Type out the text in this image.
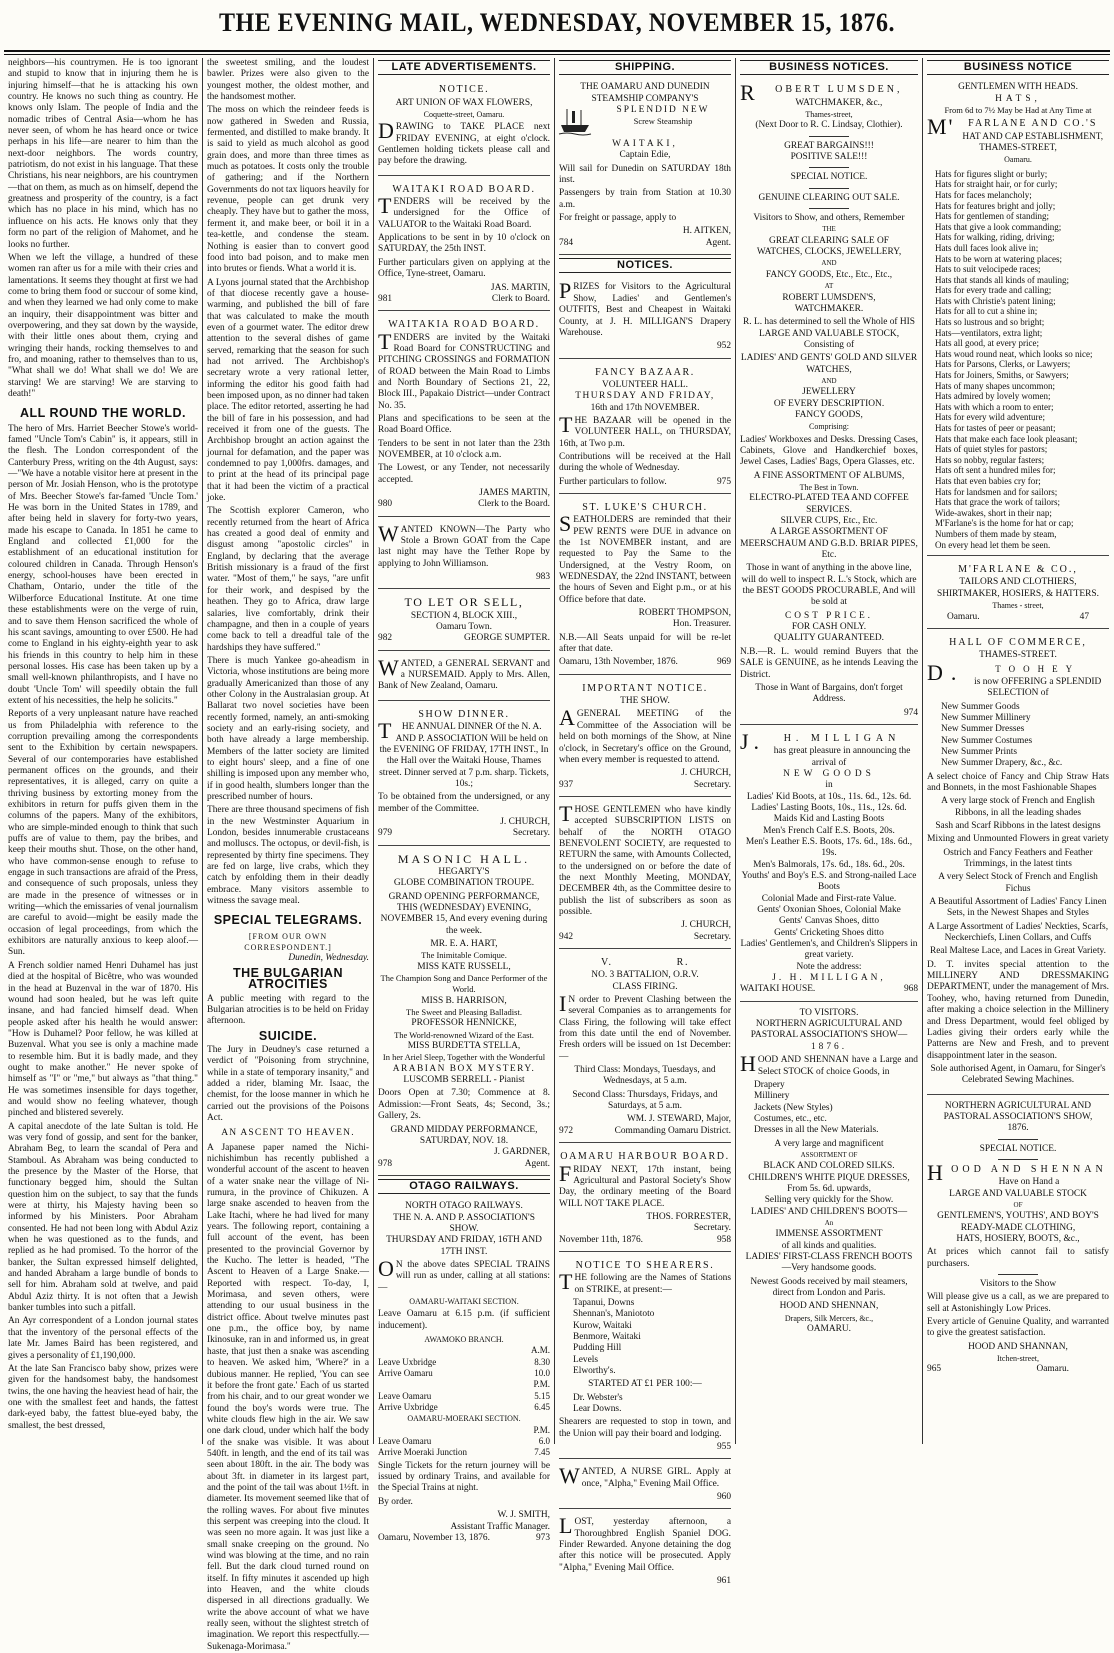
THE EVENING MAIL, WEDNESDAY, NOVEMBER 15, 1876.

neighbors—his countrymen. He is too ignorant and stupid to know that in injuring them he is injuring himself—that he is attacking his own country. He knows no such thing as country. He knows only Islam. The people of India and the nomadic tribes of Central Asia—whom he has never seen, of whom he has heard once or twice perhaps in his life—are nearer to him than the next-door neighbors. The words country, patriotism, do not exist in his language. That these Christians, his near neighbors, are his countrymen—that on them, as much as on himself, depend the greatness and prosperity of the country, is a fact which has no place in his mind, which has no influence on his acts. He knows only that they form no part of the religion of Mahomet, and he looks no further.

When we left the village, a hundred of these women ran after us for a mile with their cries and lamentations. It seems they thought at first we had come to bring them food or succour of some kind, and when they learned we had only come to make an inquiry, their disappointment was bitter and overpowering, and they sat down by the wayside, with their little ones about them, crying and wringing their hands, rocking themselves to and fro, and moaning, rather to themselves than to us, "What shall we do! What shall we do! We are starving! We are starving! We are starving to death!"

ALL ROUND THE WORLD.

The hero of Mrs. Harriet Beecher Stowe's world-famed "Uncle Tom's Cabin" is, it appears, still in the flesh. The London correspondent of the Canterbury Press, writing on the 4th August, says:—"We have a notable visitor here at present in the person of Mr. Josiah Henson, who is the prototype of Mrs. Beecher Stowe's far-famed 'Uncle Tom.' He was born in the United States in 1789, and after being held in slavery for forty-two years, made his escape to Canada. In 1851 he came to England and collected £1,000 for the establishment of an educational institution for coloured children in Canada. Through Henson's energy, school-houses have been erected in Chatham, Ontario, under the title of the Wilberforce Educational Institute. At one time these establishments were on the verge of ruin, and to save them Henson sacrificed the whole of his scant savings, amounting to over £500. He had come to England in his eighty-eighth year to ask his friends in this country to help him in these personal losses. His case has been taken up by a small well-known philanthropists, and I have no doubt 'Uncle Tom' will speedily obtain the full extent of his necessities, the help he solicits."

Reports of a very unpleasant nature have reached us from Philadelphia with reference to the corruption prevailing among the correspondents sent to the Exhibition by certain newspapers. Several of our contemporaries have established permanent offices on the grounds, and their representatives, it is alleged, carry on quite a thriving business by extorting money from the exhibitors in return for puffs given them in the columns of the papers. Many of the exhibitors, who are simple-minded enough to think that such puffs are of value to them, pay the bribes, and keep their mouths shut. Those, on the other hand, who have common-sense enough to refuse to engage in such transactions are afraid of the Press, and consequence of such proposals, unless they are made in the presence of witnesses or in writing—which the emissaries of venal journalism are careful to avoid—might be easily made the occasion of legal proceedings, from which the exhibitors are naturally anxious to keep aloof.—Sun.

A French soldier named Henri Duhamel has just died at the hospital of Bicêtre, who was wounded in the head at Buzenval in the war of 1870. His wound had soon healed, but he was left quite insane, and had fancied himself dead. When people asked after his health he would answer: "How is Duhamel? Poor fellow, he was killed at Buzenval. What you see is only a machine made to resemble him. But it is badly made, and they ought to make another." He never spoke of himself as "I" or "me," but always as "that thing." He was sometimes insensible for days together, and would show no feeling whatever, though pinched and blistered severely.

A capital anecdote of the late Sultan is told. He was very fond of gossip, and sent for the banker, Abraham Beg, to learn the scandal of Pera and Stamboul. As Abraham was being conducted to the presence by the Master of the Horse, that functionary begged him, should the Sultan question him on the subject, to say that the funds were at thirty, his Majesty having been so informed by his Ministers. Poor Abraham consented. He had not been long with Abdul Aziz when he was questioned as to the funds, and replied as he had promised. To the horror of the banker, the Sultan expressed himself delighted, and handed Abraham a large bundle of bonds to sell for him. Abraham sold at twelve, and paid Abdul Aziz thirty. It is not often that a Jewish banker tumbles into such a pitfall.

An Ayr correspondent of a London journal states that the inventory of the personal effects of the late Mr. James Baird has been registered, and gives a personality of £1,190,000.

At the late San Francisco baby show, prizes were given for the handsomest baby, the handsomest twins, the one having the heaviest head of hair, the one with the smallest feet and hands, the fattest dark-eyed baby, the fattest blue-eyed baby, the smallest, the best dressed,

the sweetest smiling, and the loudest bawler. Prizes were also given to the youngest mother, the oldest mother, and the handsomest mother.

The moss on which the reindeer feeds is now gathered in Sweden and Russia, fermented, and distilled to make brandy. It is said to yield as much alcohol as good grain does, and more than three times as much as potatoes. It costs only the trouble of gathering; and if the Northern Governments do not tax liquors heavily for revenue, people can get drunk very cheaply. They have but to gather the moss, ferment it, and make beer, or boil it in a tea-kettle, and condense the steam. Nothing is easier than to convert good food into bad poison, and to make men into brutes or fiends. What a world it is.

A Lyons journal stated that the Archbishop of that diocese recently gave a house-warming, and published the bill of fare that was calculated to make the mouth even of a gourmet water. The editor drew attention to the several dishes of game served, remarking that the season for such had not arrived. The Archbishop's secretary wrote a very rational letter, informing the editor his good faith had been imposed upon, as no dinner had taken place. The editor retorted, asserting he had the bill of fare in his possession, and had received it from one of the guests. The Archbishop brought an action against the journal for defamation, and the paper was condemned to pay 1,000frs. damages, and to print at the head of its principal page that it had been the victim of a practical joke.

The Scottish explorer Cameron, who recently returned from the heart of Africa has created a good deal of enmity and disgust among "apostolic circles" in England, by declaring that the average British missionary is a fraud of the first water. "Most of them," he says, "are unfit for their work, and despised by the heathen. They go to Africa, draw large salaries, live comfortably, drink their champagne, and then in a couple of years come back to tell a dreadful tale of the hardships they have suffered."

There is much Yankee go-aheadism in Victoria, whose institutions are being more gradually Americanized than those of any other Colony in the Australasian group. At Ballarat two novel societies have been recently formed, namely, an anti-smoking society and an early-rising society, and both have already a large membership. Members of the latter society are limited to eight hours' sleep, and a fine of one shilling is imposed upon any member who, if in good health, slumbers longer than the prescribed number of hours.

There are three thousand specimens of fish in the new Westminster Aquarium in London, besides innumerable crustaceans and molluscs. The octopus, or devil-fish, is represented by thirty fine specimens. They are fed on large, live crabs, which they catch by enfolding them in their deadly embrace. Many visitors assemble to witness the savage meal.

SPECIAL TELEGRAMS.
[FROM OUR OWN CORRESPONDENT.]
Dunedin, Wednesday.
THE BULGARIAN ATROCITIES

A public meeting with regard to the Bulgarian atrocities is to be held on Friday afternoon.

SUICIDE.

The Jury in Deudney's case returned a verdict of "Poisoning from strychnine, while in a state of temporary insanity," and added a rider, blaming Mr. Isaac, the chemist, for the loose manner in which he carried out the provisions of the Poisons Act.

AN ASCENT TO HEAVEN.

A Japanese paper named the Nichi-nichishimbun has recently published a wonderful account of the ascent to heaven of a water snake near the village of Ni-rumura, in the province of Chikuzen. A large snake ascended to heaven from the Lake Itachi, where he had lived for many years. The following report, containing a full account of the event, has been presented to the provincial Governor by the Kucho. The letter is headed, "The Ascent to Heaven of a Large Snake.—Reported with respect. To-day, I, Morimasa, and seven others, were attending to our usual business in the district office. About twelve minutes past one p.m., the office boy, by name Ikinosuke, ran in and informed us, in great haste, that just then a snake was ascending to heaven. We asked him, 'Where?' in a dubious manner. He replied, 'You can see it before the front gate.' Each of us started from his chair, and to our great wonder we found the boy's words were true. The white clouds flew high in the air. We saw one dark cloud, under which half the body of the snake was visible. It was about 540ft. in length, and the end of its tail was seen about 180ft. in the air. The body was about 3ft. in diameter in its largest part, and the point of the tail was about 1½ft. in diameter. Its movement seemed like that of the rolling waves. For about five minutes this serpent was creeping into the cloud. It was seen no more again. It was just like a small snake creeping on the ground. No wind was blowing at the time, and no rain fell. But the dark cloud turned round on itself. In fifty minutes it ascended up high into Heaven, and the white clouds dispersed in all directions gradually. We write the above account of what we have really seen, without the slightest stretch of imagination. We report this respectfully.—Sukenaga-Morimasa."

LATE ADVERTISEMENTS.
NOTICE.
ART UNION OF WAX FLOWERS,
Coquette-street, Oamaru.

DRAWING to TAKE PLACE next FRIDAY EVENING, at eight o'clock. Gentlemen holding tickets please call and pay before the drawing.

WAITAKI ROAD BOARD.

TENDERS will be received by the undersigned for the Office of VALUATOR to the Waitaki Road Board.

Applications to be sent in by 10 o'clock on SATURDAY, the 25th INST.

Further particulars given on applying at the Office, Tyne-street, Oamaru.

JAS. MARTIN,

981	Clerk to Board.

WAITAKIA ROAD BOARD.

TENDERS are invited by the Waitaki Road Board for CONSTRUCTING and PITCHING CROSSINGS and FORMATION of ROAD between the Main Road to Limbs and North Boundary of Sections 21, 22, Block III., Papakaio District—under Contract No. 35.

Plans and specifications to be seen at the Road Board Office.

Tenders to be sent in not later than the 23th NOVEMBER, at 10 o'clock a.m.

The Lowest, or any Tender, not necessarily accepted.

JAMES MARTIN,

980	Clerk to the Board.

WANTED KNOWN—The Party who Stole a Brown GOAT from the Cape last night may have the Tether Rope by applying to John Williamson.

983

TO LET OR SELL,
SECTION 4, BLOCK XIII.,
Oamaru Town.

982	GEORGE SUMPTER.

WANTED, a GENERAL SERVANT and a NURSEMAID. Apply to Mrs. Allen, Bank of New Zealand, Oamaru.

SHOW DINNER.

THE ANNUAL DINNER Of the N. A. AND P. ASSOCIATION Will be held on the EVENING OF FRIDAY, 17TH INST., In the Hall over the Waitaki House, Thames street. Dinner served at 7 p.m. sharp. Tickets, 10s.;

To be obtained from the undersigned, or any member of the Committee.

J. CHURCH,

979	Secretary.

MASONIC HALL.
HEGARTY'S
GLOBE COMBINATION TROUPE.

GRAND OPENING PERFORMANCE, THIS (WEDNESDAY) EVENING, NOVEMBER 15, And every evening during the week.

MR. E. A. HART,
The Inimitable Comique.
MISS KATE RUSSELL,
The Champion Song and Dance Performer of the World.
MISS B. HARRISON,
The Sweet and Pleasing Balladist.
PROFESSOR HENNICKE,
The World-renowned Wizard of the East.
MISS BURDETTA STELLA,
In her Ariel Sleep, Together with the Wonderful
ARABIAN BOX MYSTERY.
LUSCOMB SERRELL - Pianist

Doors Open at 7.30; Commence at 8. Admission:—Front Seats, 4s; Second, 3s.; Gallery, 2s.

GRAND MIDDAY PERFORMANCE, SATURDAY, NOV. 18.

J. GARDNER,

978	Agent.

OTAGO RAILWAYS.
NORTH OTAGO RAILWAYS.
THE N. A. AND P. ASSOCIATION'S SHOW.
THURSDAY AND FRIDAY, 16TH AND 17TH INST.

ON the above dates SPECIAL TRAINS will run as under, calling at all stations:—

OAMARU-WAITAKI SECTION.

Leave Oamaru at 6.15 p.m. (if sufficient inducement).

AWAMOKO BRANCH.
	A.M.
Leave Uxbridge	8.30
Arrive Oamaru	10.0
	P.M.
Leave Oamaru	5.15
Arrive Uxbridge	6.45
OAMARU-MOERAKI SECTION.
	P.M.
Leave Oamaru	6.0
Arrive Moeraki Junction	7.45

Single Tickets for the return journey will be issued by ordinary Trains, and available for the Special Trains at night.

By order.

W. J. SMITH,

Assistant Traffic Manager.

Oamaru, November 13, 1876.	973

SHIPPING.
THE OAMARU AND DUNEDIN STEAMSHIP COMPANY'S
SPLENDID NEW
Screw Steamship
WAITAKI,
Captain Edie,

Will sail for Dunedin on SATURDAY 18th inst.

Passengers by train from Station at 10.30 a.m.

For freight or passage, apply to

H. AITKEN,

784	Agent.

NOTICES.

PRIZES for Visitors to the Agricultural Show, Ladies' and Gentlemen's OUTFITS, Best and Cheapest in Waitaki County, at J. H. MILLIGAN'S Drapery Warehouse.

952

FANCY BAZAAR.
VOLUNTEER HALL.
THURSDAY AND FRIDAY,
16th and 17th NOVEMBER.

THE BAZAAR will be opened in the VOLUNTEER HALL, on THURSDAY, 16th, at Two p.m.

Contributions will be received at the Hall during the whole of Wednesday.

Further particulars to follow.	975

ST. LUKE'S CHURCH.

SEATHOLDERS are reminded that their PEW RENTS were DUE in advance on the 1st NOVEMBER instant, and are requested to Pay the Same to the Undersigned, at the Vestry Room, on WEDNESDAY, the 22nd INSTANT, between the hours of Seven and Eight p.m., or at his Office before that date.

ROBERT THOMPSON,

Hon. Treasurer.

N.B.—All Seats unpaid for will be re-let after that date.

Oamaru, 13th November, 1876.	969

IMPORTANT NOTICE.
THE SHOW.

AGENERAL MEETING of the Committee of the Association will be held on both mornings of the Show, at Nine o'clock, in Secretary's office on the Ground, when every member is requested to attend.

J. CHURCH,

937	Secretary.

THOSE GENTLEMEN who have kindly accepted SUBSCRIPTION LISTS on behalf of the NORTH OTAGO BENEVOLENT SOCIETY, are requested to RETURN the same, with Amounts Collected, to the undersigned on or before the date of the next Monthly Meeting, MONDAY, DECEMBER 4th, as the Committee desire to publish the list of subscribers as soon as possible.

J. CHURCH,

942	Secretary.

V. R.
NO. 3 BATTALION, O.R.V.
CLASS FIRING.

IN order to Prevent Clashing between the several Companies as to arrangements for Class Firing, the following will take effect from this date until the end of November. Fresh orders will be issued on 1st December:—

Third Class: Mondays, Tuesdays, and Wednesdays, at 5 a.m.

Second Class: Thursdays, Fridays, and Saturdays, at 5 a.m.

WM. J. STEWARD, Major,

972	Commanding Oamaru District.

OAMARU HARBOUR BOARD.

FRIDAY NEXT, 17th instant, being Agricultural and Pastoral Society's Show Day, the ordinary meeting of the Board WILL NOT TAKE PLACE.

THOS. FORRESTER,

Secretary.

November 11th, 1876.	958

NOTICE TO SHEARERS.

THE following are the Names of Stations on STRIKE, at present:—

Tapanui, Downs
Shennan's, Maniototo
Kurow, Waitaki
Benmore, Waitaki
Pudding Hill
Levels
Elworthy's.
STARTED AT £1 PER 100:—
Dr. Webster's
Lear Downs.

Shearers are requested to stop in town, and the Union will pay their board and lodging.

955

WANTED, A NURSE GIRL. Apply at once, "Alpha," Evening Mail Office.

960

LOST, yesterday afternoon, a Thoroughbred English Spaniel DOG. Finder Rewarded. Anyone detaining the dog after this notice will be prosecuted. Apply "Alpha," Evening Mail Office.

961

BUSINESS NOTICES.
ROBERT LUMSDEN,
WATCHMAKER, &c.,
Thames-street,
(Next Door to R. C. Lindsay, Clothier).
GREAT BARGAINS!!!
POSITIVE SALE!!!
SPECIAL NOTICE.
GENUINE CLEARING OUT SALE.
Visitors to Show, and others, Remember
THE
GREAT CLEARING SALE OF
WATCHES, CLOCKS, JEWELLERY,
AND
FANCY GOODS, Etc., Etc., Etc.,
AT
ROBERT LUMSDEN'S,
WATCHMAKER.

R. L. has determined to sell the Whole of HIS LARGE AND VALUABLE STOCK, Consisting of

LADIES' AND GENTS' GOLD AND SILVER WATCHES,
AND
JEWELLERY
OF EVERY DESCRIPTION.
FANCY GOODS,
Comprising:

Ladies' Workboxes and Desks. Dressing Cases, Cabinets, Glove and Handkerchief boxes, Jewel Cases, Ladies' Bags, Opera Glasses, etc.

A FINE ASSORTMENT OF ALBUMS,
The Best in Town.
ELECTRO-PLATED TEA AND COFFEE SERVICES.
SILVER CUPS, Etc., Etc.
A LARGE ASSORTMENT OF MEERSCHAUM AND G.B.D. BRIAR PIPES, Etc.

Those in want of anything in the above line, will do well to inspect R. L.'s Stock, which are the BEST GOODS PROCURABLE, And will be sold at

COST PRICE.
FOR CASH ONLY.
QUALITY GUARANTEED.

N.B.—R. L. would remind Buyers that the SALE is GENUINE, as he intends Leaving the District.

Those in Want of Bargains, don't forget Address.

974

J.H. MILLIGAN
has great pleasure in announcing the
arrival of
NEW GOODS
in
Ladies' Kid Boots, at 10s., 11s. 6d., 12s. 6d.
Ladies' Lasting Boots, 10s., 11s., 12s. 6d.
Maids Kid and Lasting Boots
Men's French Calf E.S. Boots, 20s.
Men's Leather E.S. Boots, 17s. 6d., 18s. 6d., 19s.
Men's Balmorals, 17s. 6d., 18s. 6d., 20s.
Youths' and Boy's E.S. and Strong-nailed Lace Boots
Colonial Made and First-rate Value.
Gents' Oxonian Shoes, Colonial Make
Gents' Canvas Shoes, ditto
Gents' Cricketing Shoes ditto
Ladies' Gentlemen's, and Children's Slippers in great variety.
Note the address:
J. H. MILLIGAN,

WAITAKI HOUSE.	968

TO VISITORS.
NORTHERN AGRICULTURAL AND PASTORAL ASSOCIATION'S SHOW—
1876.

HOOD AND SHENNAN have a Large and Select STOCK of choice Goods, in

Drapery
Millinery
Jackets (New Styles)
Costumes, etc., etc.
Dresses in all the New Materials.
A very large and magnificent
ASSORTMENT OF
BLACK AND COLORED SILKS.
CHILDREN'S WHITE PIQUE DRESSES,
From 5s. 6d. upwards,
Selling very quickly for the Show.
LADIES' AND CHILDREN'S BOOTS—
An
IMMENSE ASSORTMENT
of all kinds and qualities.
LADIES' FIRST-CLASS FRENCH BOOTS
—Very handsome goods.

Newest Goods received by mail steamers, direct from London and Paris.

HOOD AND SHENNAN,
Drapers, Silk Mercers, &c.,
OAMARU.
BUSINESS NOTICE
GENTLEMEN WITH HEADS.
HATS,
From 6d to 7½ May be Had at Any Time at
M'FARLANE AND CO.'S
HAT AND CAP ESTABLISHMENT,
THAMES-STREET,
Oamaru.
Hats for figures slight or burly;
Hats for straight hair, or for curly;
Hats for faces melancholy;
Hats for features bright and jolly;
Hats for gentlemen of standing;
Hats that give a look commanding;
Hats for walking, riding, driving;
Hats dull faces look alive in;
Hats to be worn at watering places;
Hats to suit velocipede races;
Hats that stands all kinds of mauling;
Hats for every trade and calling;
Hats with Christie's patent lining;
Hats for all to cut a shine in;
Hats so lustrous and so bright;
Hats—ventilators, extra light;
Hats all good, at every price;
Hats woud round neat, which looks so nice;
Hats for Parsons, Clerks, or Lawyers;
Hats for Joiners, Smiths, or Sawyers;
Hats of many shapes uncommon;
Hats admired by lovely women;
Hats with which a room to enter;
Hats for every wild adventure;
Hats for tastes of peer or peasant;
Hats that make each face look pleasant;
Hats of quiet styles for pastors;
Hats so nobby, regular fasters;
Hats oft sent a hundred miles for;
Hats that even babies cry for;
Hats for landsmen and for sailors;
Hats that grace the work of tailors;
Wide-awakes, short in their nap;
M'Farlane's is the home for hat or cap;
Numbers of them made by steam,
On every head let them be seen.
M'FARLANE & CO.,
TAILORS AND CLOTHIERS,
SHIRTMAKER, HOSIERS, & HATTERS.
Thames - street,

Oamaru.	47

HALL OF COMMERCE,
THAMES-STREET.
D.TOOHEY
is now OFFERING a SPLENDID
SELECTION of
New Summer Goods
New Summer Millinery
New Summer Dresses
New Summer Costumes
New Summer Prints
New Summer Drapery, &c., &c.

A select choice of Fancy and Chip Straw Hats and Bonnets, in the most Fashionable Shapes

A very large stock of French and English Ribbons, in all the leading shades

Sash and Scarf Ribbons in the latest designs

Mixing and Unmounted Flowers in great variety

Ostrich and Fancy Feathers and Feather Trimmings, in the latest tints

A very Select Stock of French and English Fichus

A Beautiful Assortment of Ladies' Fancy Linen Sets, in the Newest Shapes and Styles

A Large Assortment of Ladies' Neckties, Scarfs, Neckerchiefs, Linen Collars, and Cuffs

Real Maltese Lace, and Laces in Great Variety.

D. T. invites special attention to the MILLINERY AND DRESSMAKING DEPARTMENT, under the management of Mrs. Toohey, who, having returned from Dunedin, after making a choice selection in the Millinery and Dress Department, would feel obliged by Ladies giving their orders early while the Patterns are New and Fresh, and to prevent disappointment later in the season.

Sole authorised Agent, in Oamaru, for Singer's Celebrated Sewing Machines.

NORTHERN AGRICULTURAL AND PASTORAL ASSOCIATION'S SHOW,
1876.
SPECIAL NOTICE.
HOOD AND SHENNAN
Have on Hand a
LARGE AND VALUABLE STOCK
OF
GENTLEMEN'S, YOUTHS', AND BOY'S
READY-MADE CLOTHING,
HATS, HOSIERY, BOOTS, &c.,

At prices which cannot fail to satisfy purchasers.

Visitors to the Show

Will please give us a call, as we are prepared to sell at Astonishingly Low Prices.

Every article of Genuine Quality, and warranted to give the greatest satisfaction.

HOOD AND SHANNAN,
Itchen-street,

965	Oamaru.
